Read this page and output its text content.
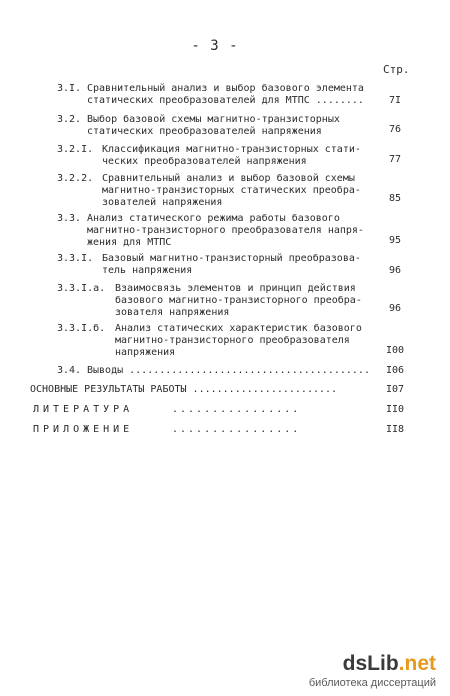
- 3 -
Стр.
3.I. Сравнительный анализ и выбор базового элемента
статических преобразователей для МТПС ........	7I
3.2. Выбор базовой схемы магнитно-транзисторных
статических преобразователей напряжения	76
3.2.I. Классификация магнитно-транзисторных стати-
ческих преобразователей напряжения	77
3.2.2. Сравнительный анализ и выбор базовой схемы
магнитно-транзисторных статических преобра-
зователей напряжения	85
3.3. Анализ статического режима работы базового
магнитно-транзисторного преобразователя напря-
жения для МТПС	95
3.3.I. Базовый магнитно-транзисторный преобразова-
тель напряжения	96
3.3.I.а. Взаимосвязь элементов и принцип действия
базового магнитно-транзисторного преобра-
зователя напряжения	96
3.3.I.б. Анализ статических характеристик базового
магнитно-транзисторного преобразователя
напряжения	I00
3.4. Выводы ........................................ I06
ОСНОВНЫЕ РЕЗУЛЬТАТЫ РАБОТЫ ........................	I07
ЛИТЕРАТУРА	................	II0
ПРИЛОЖЕНИЕ	................	II8
dsLib.net
библиотека диссертаций
